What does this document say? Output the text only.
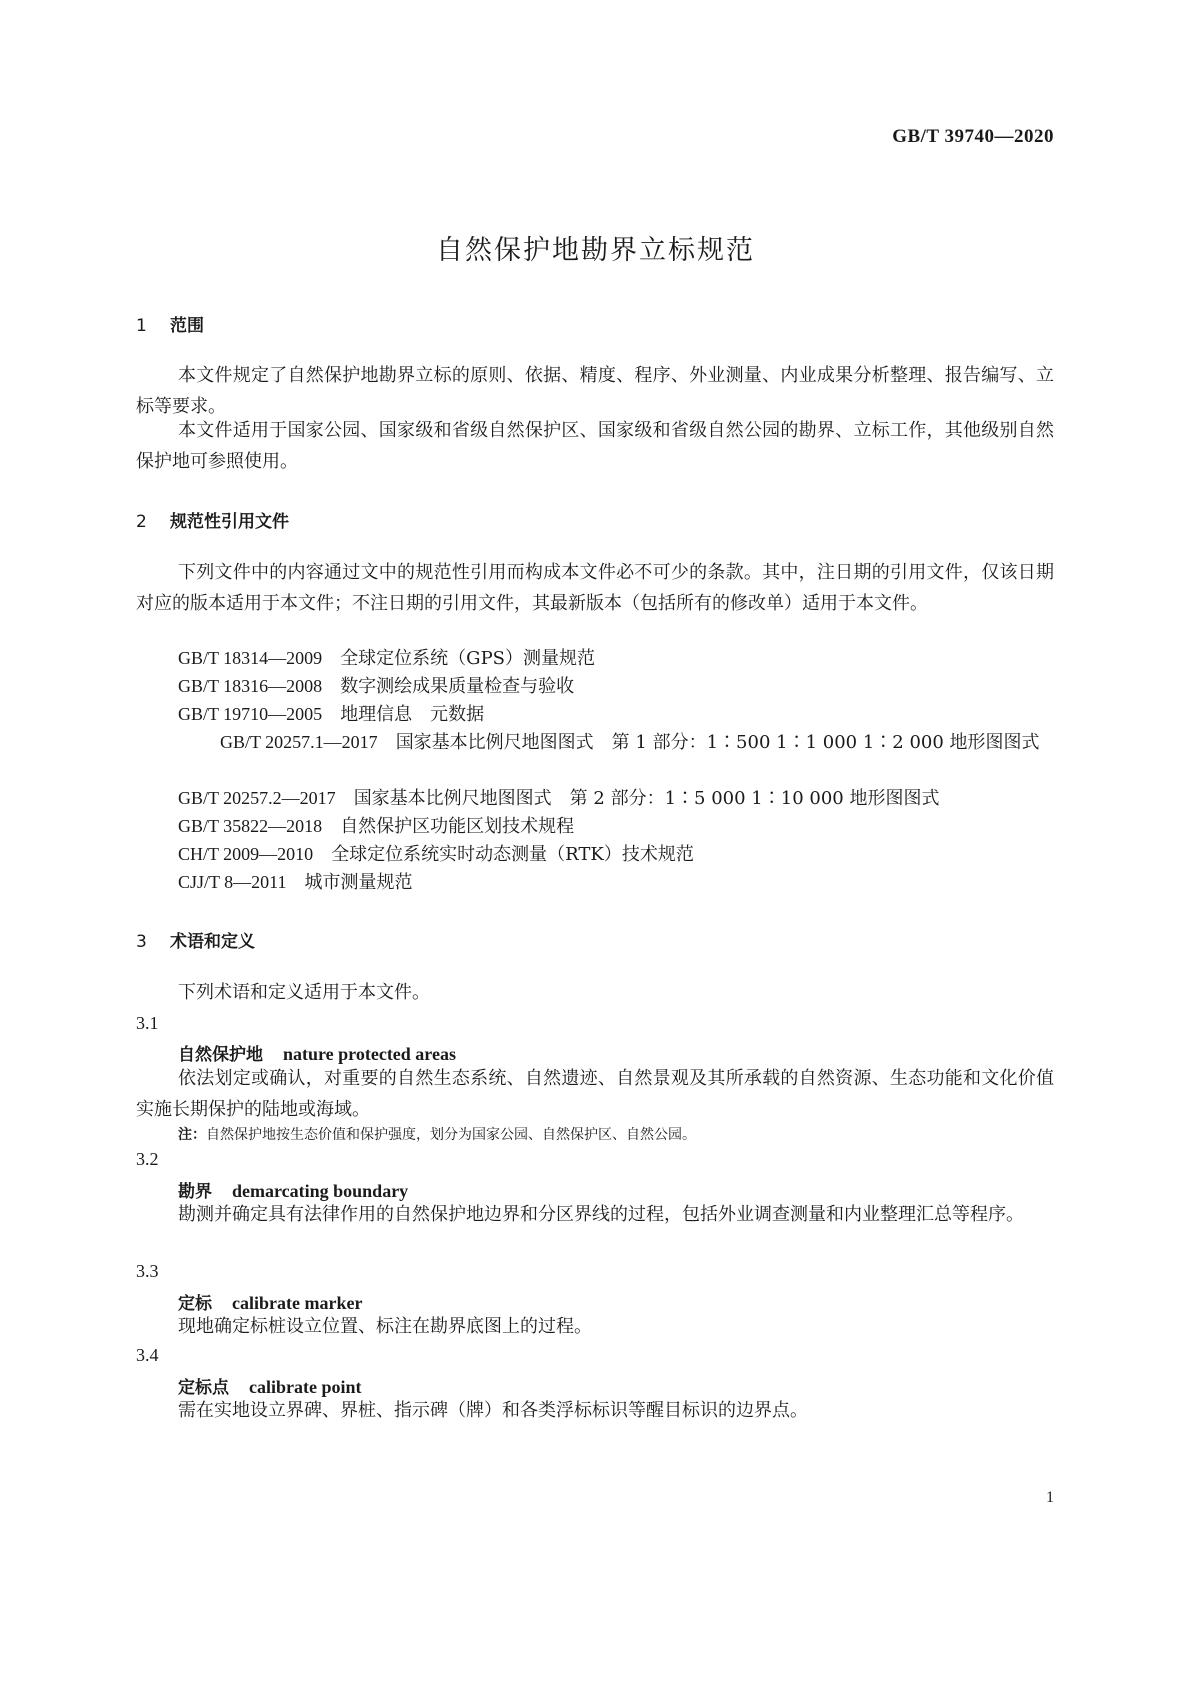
GB/T 39740—2020
自然保护地勘界立标规范
1 范围

本文件规定了自然保护地勘界立标的原则、依据、精度、程序、外业测量、内业成果分析整理、报告编写、立标等要求。

本文件适用于国家公园、国家级和省级自然保护区、国家级和省级自然公园的勘界、立标工作，其他级别自然保护地可参照使用。

2 规范性引用文件

下列文件中的内容通过文中的规范性引用而构成本文件必不可少的条款。其中，注日期的引用文件，仅该日期对应的版本适用于本文件；不注日期的引用文件，其最新版本（包括所有的修改单）适用于本文件。

GB/T 18314—2009 全球定位系统（GPS）测量规范
GB/T 18316—2008 数字测绘成果质量检查与验收
GB/T 19710—2005 地理信息　元数据
GB/T 20257.1—2017 国家基本比例尺地图图式　第 1 部分：1∶500 1∶1 000 1∶2 000 地形图图式
GB/T 20257.2—2017 国家基本比例尺地图图式　第 2 部分：1∶5 000 1∶10 000 地形图图式
GB/T 35822—2018 自然保护区功能区划技术规程
CH/T 2009—2010 全球定位系统实时动态测量（RTK）技术规范
CJJ/T 8—2011 城市测量规范
3 术语和定义

下列术语和定义适用于本文件。

3.1
自然保护地 nature protected areas

依法划定或确认，对重要的自然生态系统、自然遗迹、自然景观及其所承载的自然资源、生态功能和文化价值实施长期保护的陆地或海域。

注：自然保护地按生态价值和保护强度，划分为国家公园、自然保护区、自然公园。
3.2
勘界 demarcating boundary

勘测并确定具有法律作用的自然保护地边界和分区界线的过程，包括外业调查测量和内业整理汇总等程序。

3.3
定标 calibrate marker

现地确定标桩设立位置、标注在勘界底图上的过程。

3.4
定标点 calibrate point

需在实地设立界碑、界桩、指示碑（牌）和各类浮标标识等醒目标识的边界点。

1
